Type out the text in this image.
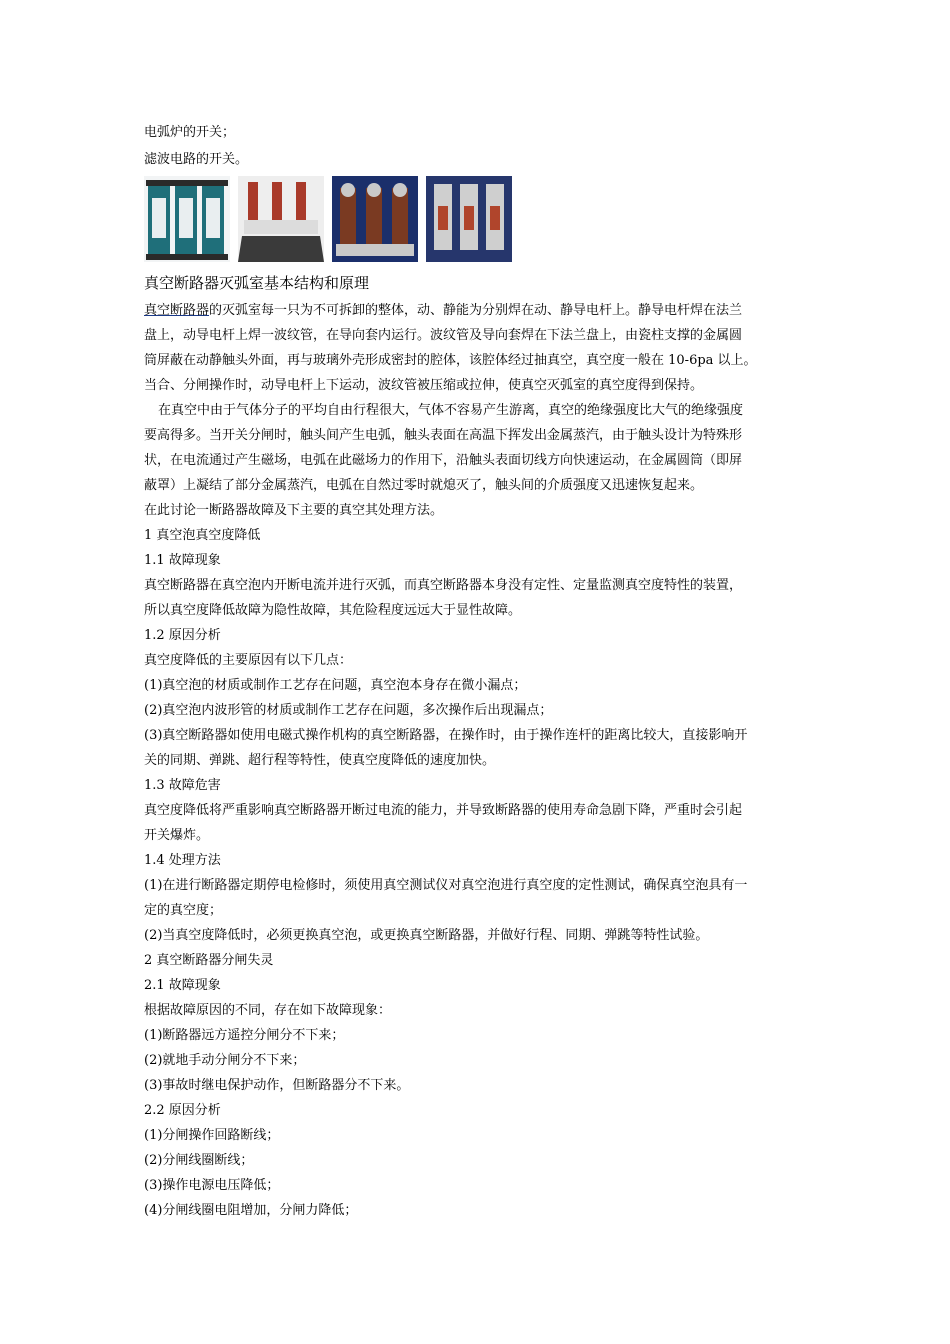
电弧炉的开关；

滤波电路的开关。

真空断路器灭弧室基本结构和原理

真空断路器的灭弧室每一只为不可拆卸的整体，动、静能为分别焊在动、静导电杆上。静导电杆焊在法兰

盘上，动导电杆上焊一波纹管，在导向套内运行。波纹管及导向套焊在下法兰盘上，由瓷柱支撑的金属圆

筒屏蔽在动静触头外面，再与玻璃外壳形成密封的腔体，该腔体经过抽真空，真空度一般在 10-6pa 以上。

当合、分闸操作时，动导电杆上下运动，波纹管被压缩或拉伸，使真空灭弧室的真空度得到保持。

在真空中由于气体分子的平均自由行程很大，气体不容易产生游离，真空的绝缘强度比大气的绝缘强度

要高得多。当开关分闸时，触头间产生电弧，触头表面在高温下挥发出金属蒸汽，由于触头设计为特殊形

状，在电流通过产生磁场，电弧在此磁场力的作用下，沿触头表面切线方向快速运动，在金属圆筒（即屏

蔽罩）上凝结了部分金属蒸汽，电弧在自然过零时就熄灭了，触头间的介质强度又迅速恢复起来。

在此讨论一断路器故障及下主要的真空其处理方法。

1 真空泡真空度降低

1.1 故障现象

真空断路器在真空泡内开断电流并进行灭弧，而真空断路器本身没有定性、定量监测真空度特性的装置，

所以真空度降低故障为隐性故障，其危险程度远远大于显性故障。

1.2 原因分析

真空度降低的主要原因有以下几点：

(1)真空泡的材质或制作工艺存在问题，真空泡本身存在微小漏点；

(2)真空泡内波形管的材质或制作工艺存在问题，多次操作后出现漏点；

(3)真空断路器如使用电磁式操作机构的真空断路器，在操作时，由于操作连杆的距离比较大，直接影响开

关的同期、弹跳、超行程等特性，使真空度降低的速度加快。

1.3 故障危害

真空度降低将严重影响真空断路器开断过电流的能力，并导致断路器的使用寿命急剧下降，严重时会引起

开关爆炸。

1.4 处理方法

(1)在进行断路器定期停电检修时，须使用真空测试仪对真空泡进行真空度的定性测试，确保真空泡具有一

定的真空度；

(2)当真空度降低时，必须更换真空泡，或更换真空断路器，并做好行程、同期、弹跳等特性试验。

2 真空断路器分闸失灵

2.1 故障现象

根据故障原因的不同，存在如下故障现象：

(1)断路器远方遥控分闸分不下来；

(2)就地手动分闸分不下来；

(3)事故时继电保护动作，但断路器分不下来。

2.2 原因分析

(1)分闸操作回路断线；

(2)分闸线圈断线；

(3)操作电源电压降低；

(4)分闸线圈电阻增加，分闸力降低；
